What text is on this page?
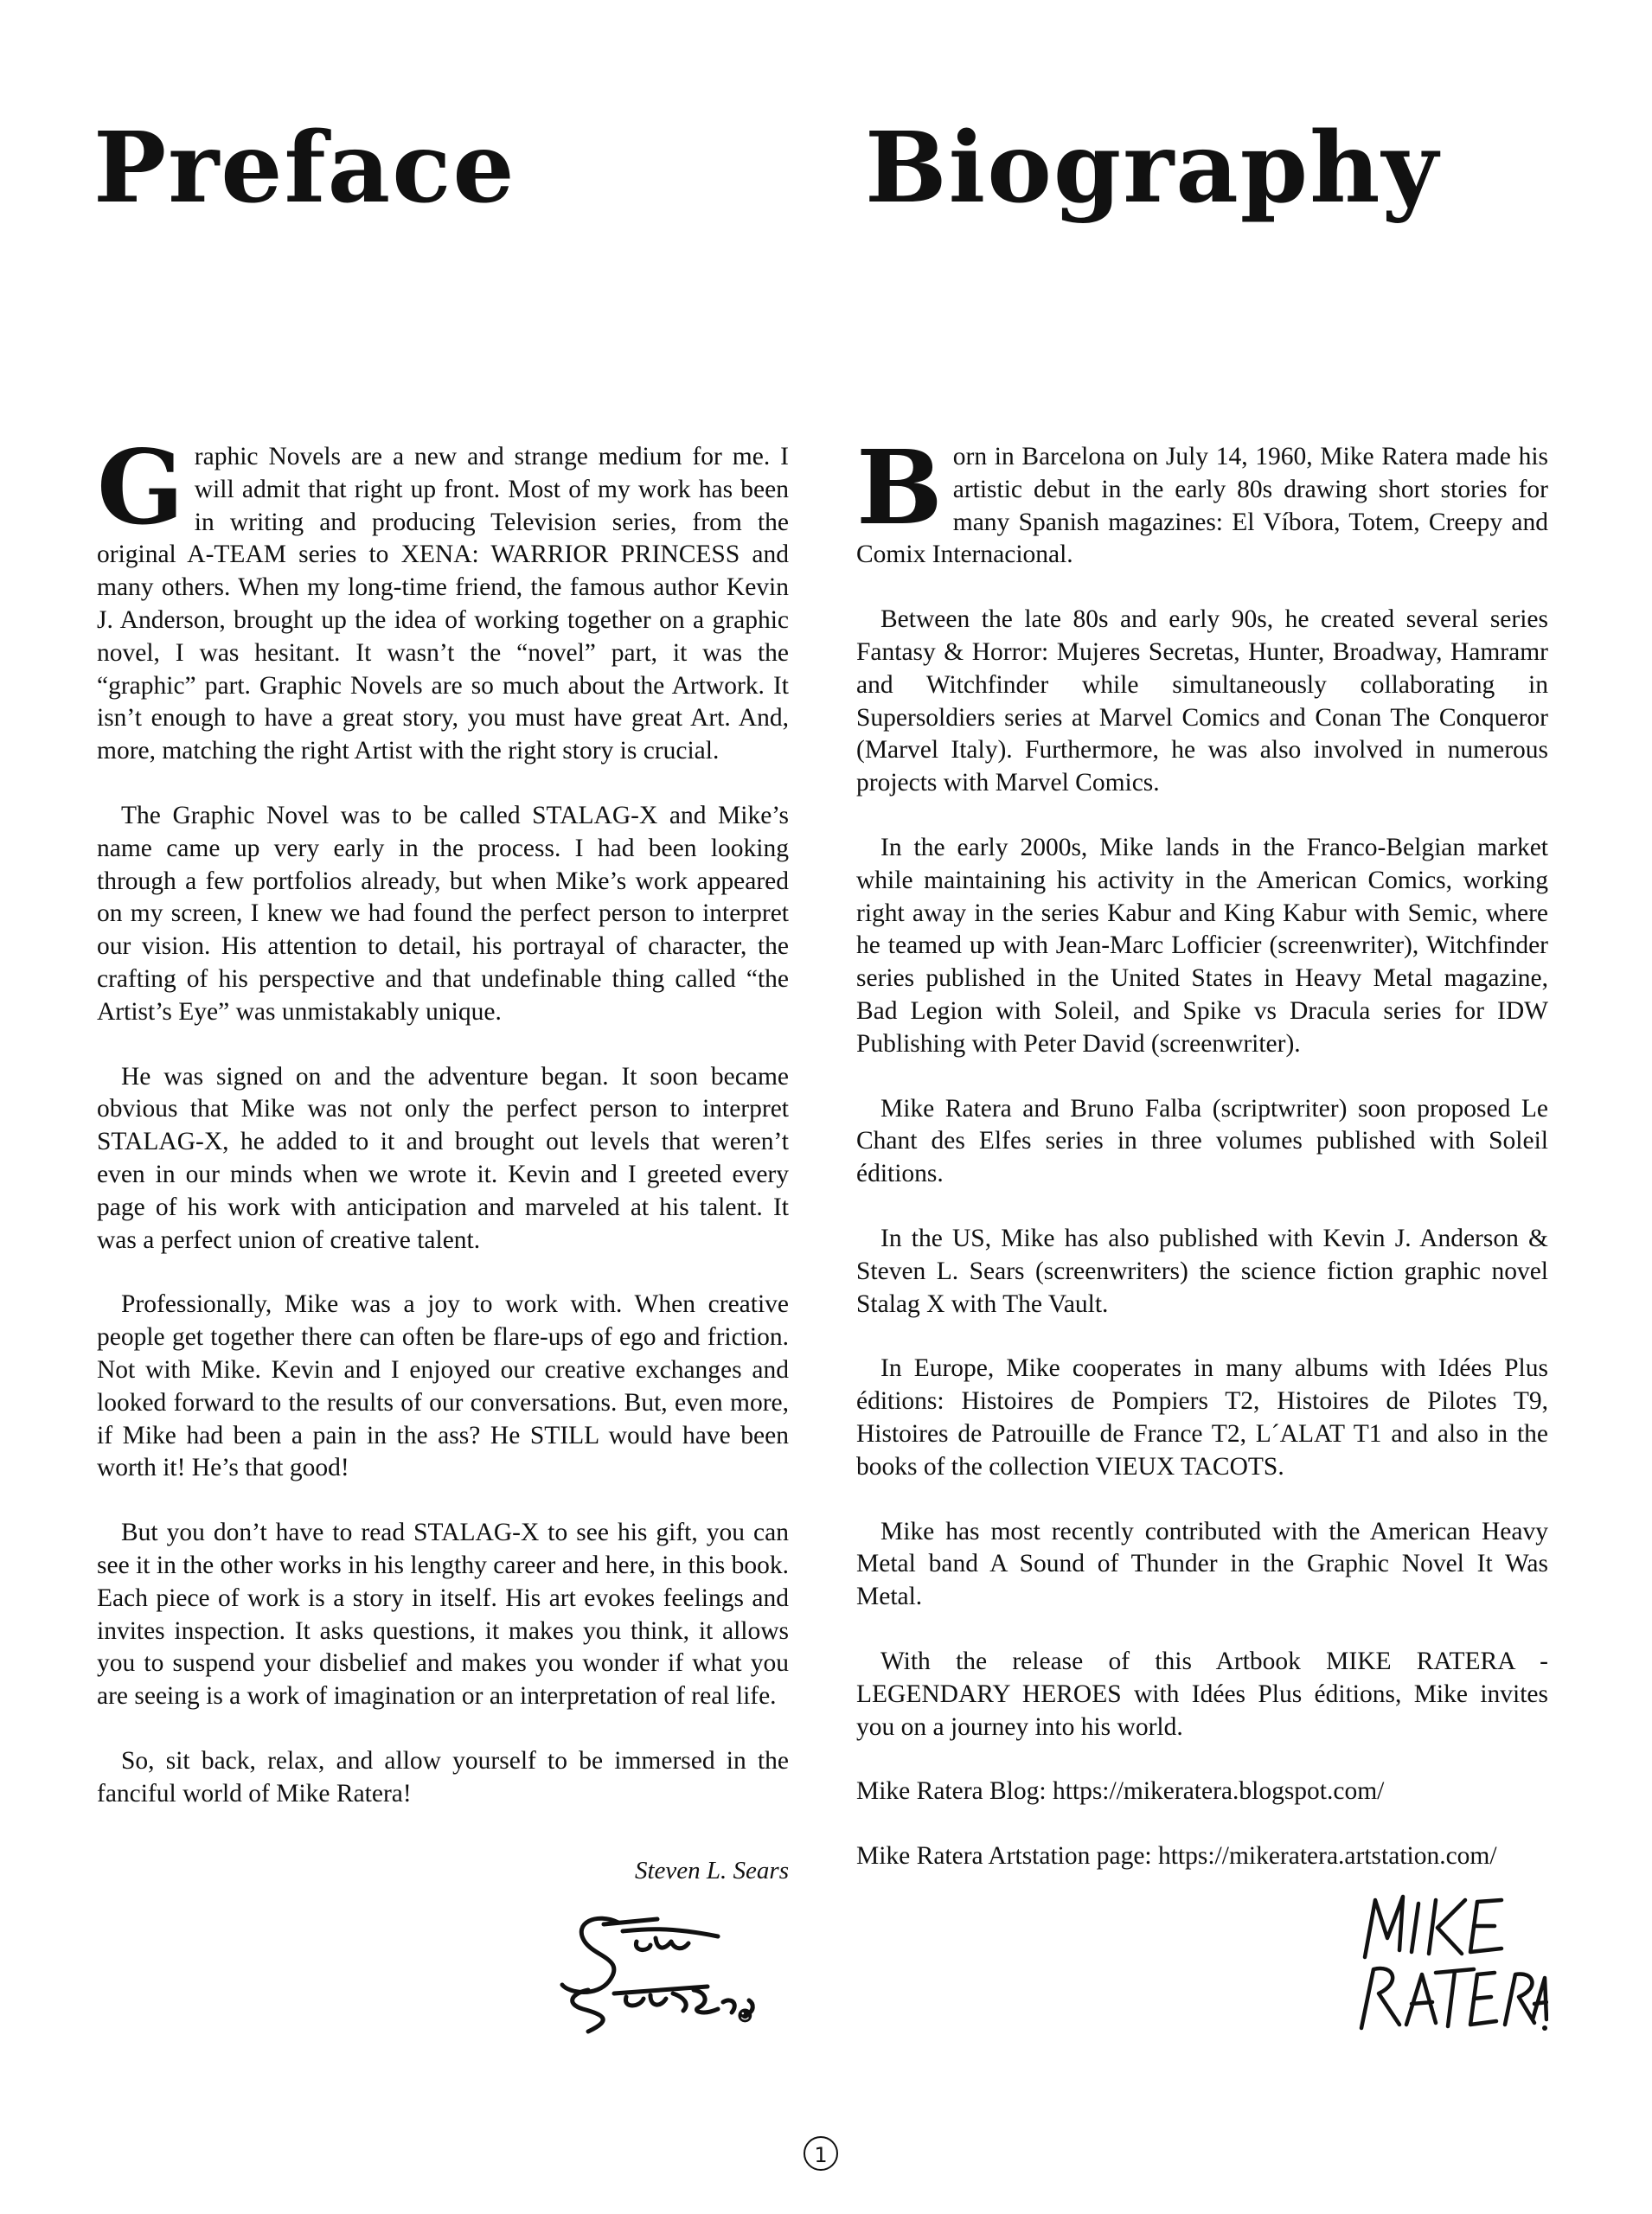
Preface	Biography

Graphic Novels are a new and strange medium for me. I will admit that right up front. Most of my work has been in writing and producing Television series, from the original A-TEAM series to XENA: WARRIOR PRINCESS and many others. When my long-time friend, the famous author Kevin J. Anderson, brought up the idea of working together on a graphic novel, I was hesitant. It wasn’t the “novel” part, it was the “graphic” part. Graphic Novels are so much about the Artwork. It isn’t enough to have a great story, you must have great Art. And, more, matching the right Artist with the right story is crucial.

The Graphic Novel was to be called STALAG-X and Mike’s name came up very early in the process. I had been looking through a few portfolios already, but when Mike’s work appeared on my screen, I knew we had found the perfect person to interpret our vision. His attention to detail, his portrayal of character, the crafting of his perspective and that undefinable thing called “the Artist’s Eye” was unmistakably unique.

He was signed on and the adventure began. It soon became obvious that Mike was not only the perfect person to interpret STALAG-X, he added to it and brought out levels that weren’t even in our minds when we wrote it. Kevin and I greeted every page of his work with anticipation and marveled at his talent. It was a perfect union of creative talent.

Professionally, Mike was a joy to work with. When creative people get together there can often be flare-ups of ego and friction. Not with Mike. Kevin and I enjoyed our creative exchanges and looked forward to the results of our conversations. But, even more, if Mike had been a pain in the ass? He STILL would have been worth it! He’s that good!

But you don’t have to read STALAG-X to see his gift, you can see it in the other works in his lengthy career and here, in this book. Each piece of work is a story in itself. His art evokes feelings and invites inspection. It asks questions, it makes you think, it allows you to suspend your disbelief and makes you wonder if what you are seeing is a work of imagination or an interpretation of real life.

So, sit back, relax, and allow yourself to be immersed in the fanciful world of Mike Ratera!

Steven L. Sears
☻

Born in Barcelona on July 14, 1960, Mike Ratera made his artistic debut in the early 80s drawing short stories for many Spanish magazines: El Víbora, Totem, Creepy and Comix Internacional.

Between the late 80s and early 90s, he created several series Fantasy & Horror: Mujeres Secretas, Hunter, Broadway, Hamramr and Witchfinder while simultaneously collaborating in Supersoldiers series at Marvel Comics and Conan The Conqueror (Marvel Italy). Furthermore, he was also involved in numerous projects with Marvel Comics.

In the early 2000s, Mike lands in the Franco-Belgian market while maintaining his activity in the American Comics, working right away in the series Kabur and King Kabur with Semic, where he teamed up with Jean-Marc Lofficier (screenwriter), Witchfinder series published in the United States in Heavy Metal magazine, Bad Legion with Soleil, and Spike vs Dracula series for IDW Publishing with Peter David (screenwriter).

Mike Ratera and Bruno Falba (scriptwriter) soon proposed Le Chant des Elfes series in three volumes published with Soleil éditions.

In the US, Mike has also published with Kevin J. Anderson & Steven L. Sears (screenwriters) the science fiction graphic novel Stalag X with The Vault.

In Europe, Mike cooperates in many albums with Idées Plus éditions: Histoires de Pompiers T2, Histoires de Pilotes T9, Histoires de Patrouille de France T2, L´ALAT T1 and also in the books of the collection VIEUX TACOTS.

Mike has most recently contributed with the American Heavy Metal band A Sound of Thunder in the Graphic Novel It Was Metal.

With the release of this Artbook MIKE RATERA - LEGENDARY HEROES with Idées Plus éditions, Mike invites you on a journey into his world.

Mike Ratera Blog: https://mikeratera.blogspot.com/

Mike Ratera Artstation page: https://mikeratera.artstation.com/

1
